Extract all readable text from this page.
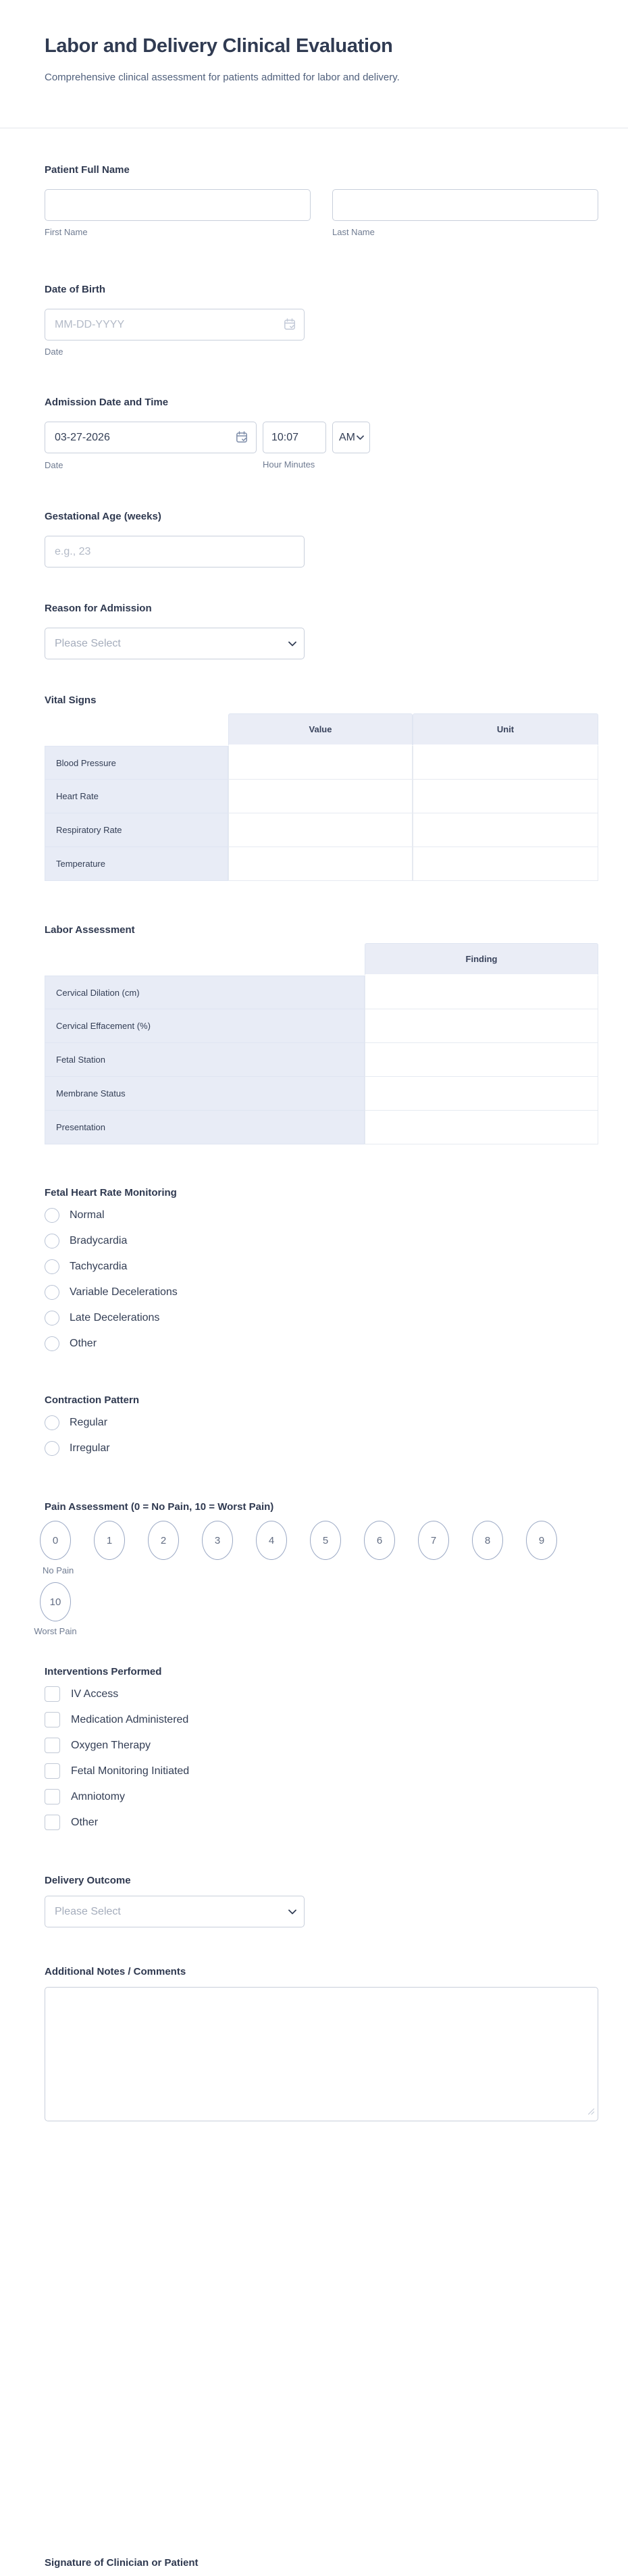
Labor and Delivery Clinical Evaluation
Comprehensive clinical assessment for patients admitted for labor and delivery.
Patient Full Name
First Name	Last Name
Date of Birth
MM-DD-YYYY
Date
Admission Date and Time
03-27-2026
10:07
AM
Date	Hour Minutes
Gestational Age (weeks)
e.g., 23
Reason for Admission
Please Select
Vital Signs
Value	Unit
Blood Pressure
Heart Rate
Respiratory Rate
Temperature
Labor Assessment
Finding
Cervical Dilation (cm)
Cervical Effacement (%)
Fetal Station
Membrane Status
Presentation
Fetal Heart Rate Monitoring
Normal
Bradycardia
Tachycardia
Variable Decelerations
Late Decelerations
Other
Contraction Pattern
Regular
Irregular
Pain Assessment (0 = No Pain, 10 = Worst Pain)
0	1	2	3	4	5	6	7	8	9
No Pain
10
Worst Pain
Interventions Performed
IV Access
Medication Administered
Oxygen Therapy
Fetal Monitoring Initiated
Amniotomy
Other
Delivery Outcome
Please Select
Additional Notes / Comments
Signature of Clinician or Patient
